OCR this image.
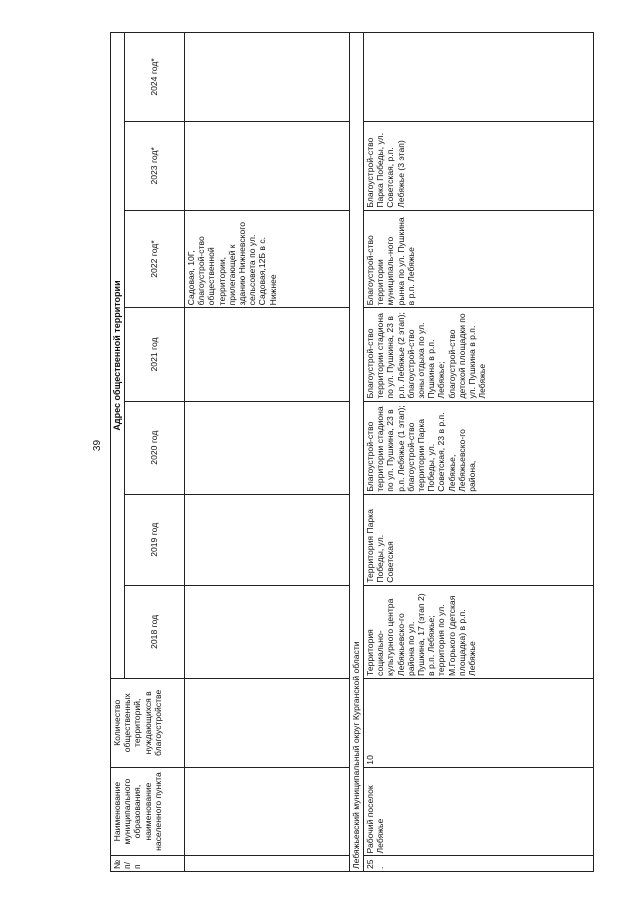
39
№ п/п	Наименование муниципального образования, наименование населенного пункта	Количество общественных территорий, нуждающихся в благоустройстве	Адрес общественной территории						
			2018 год	2019 год	2020 год	2021 год	2022 год*	2023 год*	2024 год*
							Садовая, 10Г, благоустрой-ство общественной территории, прилегающей к зданию Нижневского сельсовета по ул. Садовая,12Б в с. Нижнее		
Лебяжьевский муниципальный округ Курганской области									
25.	Рабочий поселок Лебяжье	10	Территория социально-культурного центра Лебяжьевско-го района по ул. Пушкина, 17 (этап 2) в р.п. Лебяжье; территория по ул. М.Горького (детская площадка) в р.п. Лебяжье	Территория Парка Победы, ул. Советская	Благоустрой-ство территории стадиона по ул. Пушкина, 23 в р.п. Лебяжье (1 этап); благоустрой-ство территории Парка Победы, ул. Советская, 23 в р.п. Лебяжье, Лебяжьевско-го района,	Благоустрой-ство территории стадиона по ул. Пушкина, 23 в р.п. Лебяжье (2 этап); благоустрой-ство зоны отдыха по ул. Пушкина в р.п. Лебяжье; благоустрой-ство детской площадки по ул. Пушкина в р.п. Лебяжье	Благоустрой-ство территории муниципаль-ного рынка по ул. Пушкина в р.п. Лебяжье	Благоустрой-ство Парка Победы, ул. Советская, р.п. Лебяжье (3 этап)	
